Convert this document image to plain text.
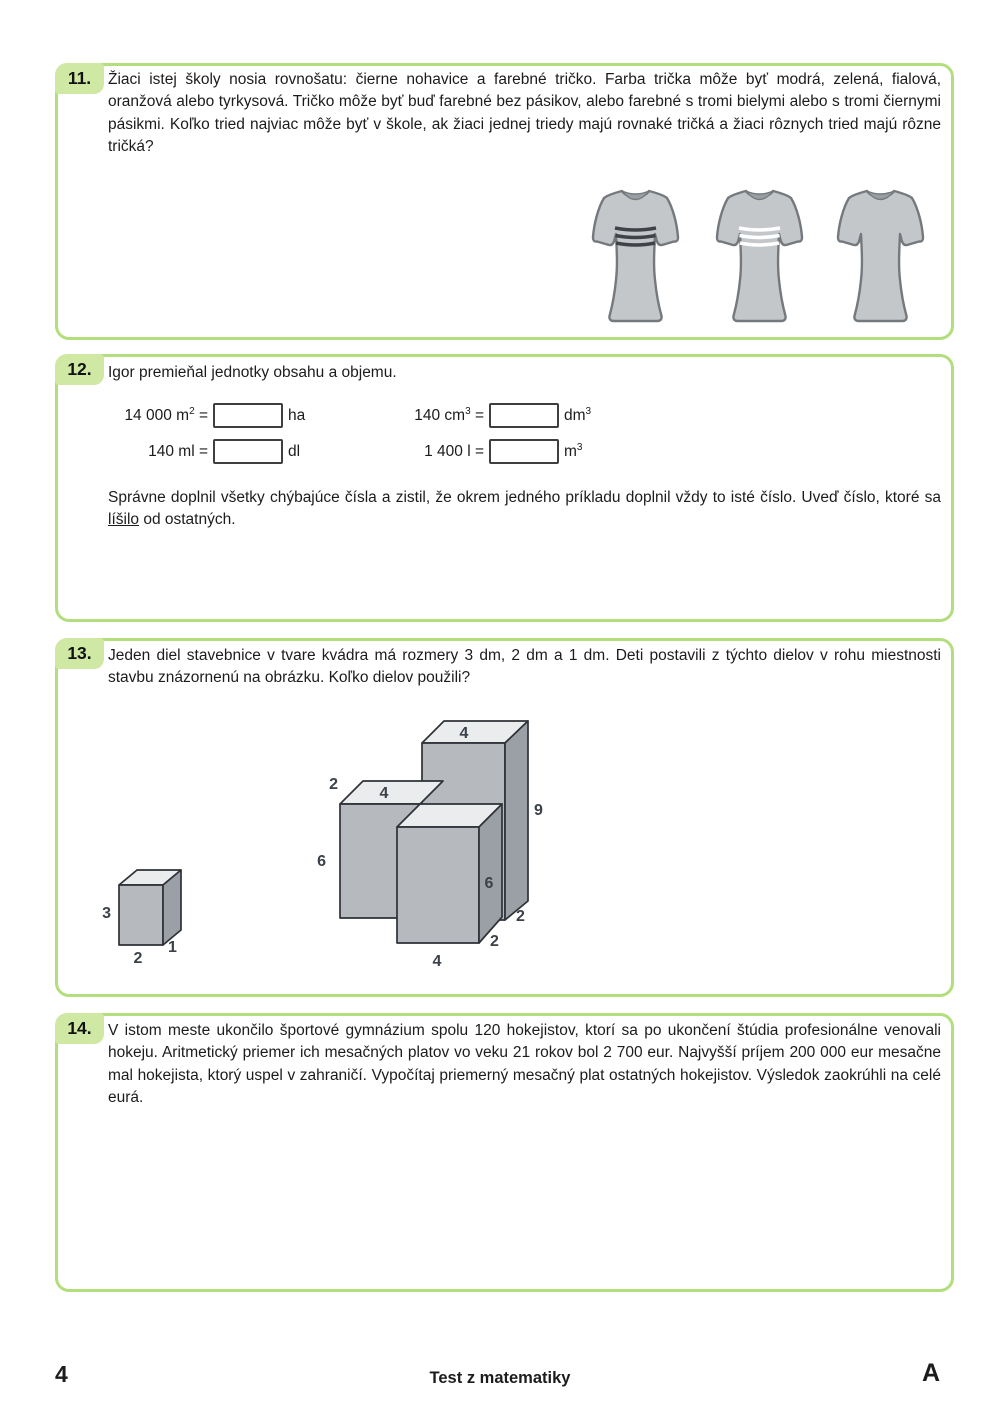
11.	Žiaci istej školy nosia rovnošatu: čierne nohavice a farebné tričko. Farba trička môže byť modrá, zelená, fialová, oranžová alebo tyrkysová. Tričko môže byť buď farebné bez pásikov, alebo farebné s tromi bielymi alebo s tromi čiernymi pásikmi. Koľko tried najviac môže byť v škole, ak žiaci jednej triedy majú rovnaké tričká a žiaci rôznych tried majú rôzne tričká?

12.	Igor premieňal jednotky obsahu a objemu.

14 000 $m^2$ =	ha	140 $cm^3$ =	$dm^3$
140 ml =	dl	1 400 l =	$m^3$

Správne doplnil všetky chýbajúce čísla a zistil, že okrem jedného príkladu doplnil vždy to isté číslo. Uveď číslo, ktoré sa líšilo od ostatných.

13.	Jeden diel stavebnice v tvare kvádra má rozmery 3 dm, 2 dm a 1 dm. Deti postavili z týchto dielov v rohu miestnosti stavbu znázornenú na obrázku. Koľko dielov použili?

4
2
4
6
9
6
2
2
4
3
2
1
14.	V istom meste ukončilo športové gymnázium spolu 120 hokejistov, ktorí sa po ukončení štúdia profesionálne venovali hokeju. Aritmetický priemer ich mesačných platov vo veku 21 rokov bol 2 700 eur. Najvyšší príjem 200 000 eur mesačne mal hokejista, ktorý uspel v zahraničí. Vypočítaj priemerný mesačný plat ostatných hokejistov. Výsledok zaokrúhli na celé eurá.

4	Test z matematiky	A
